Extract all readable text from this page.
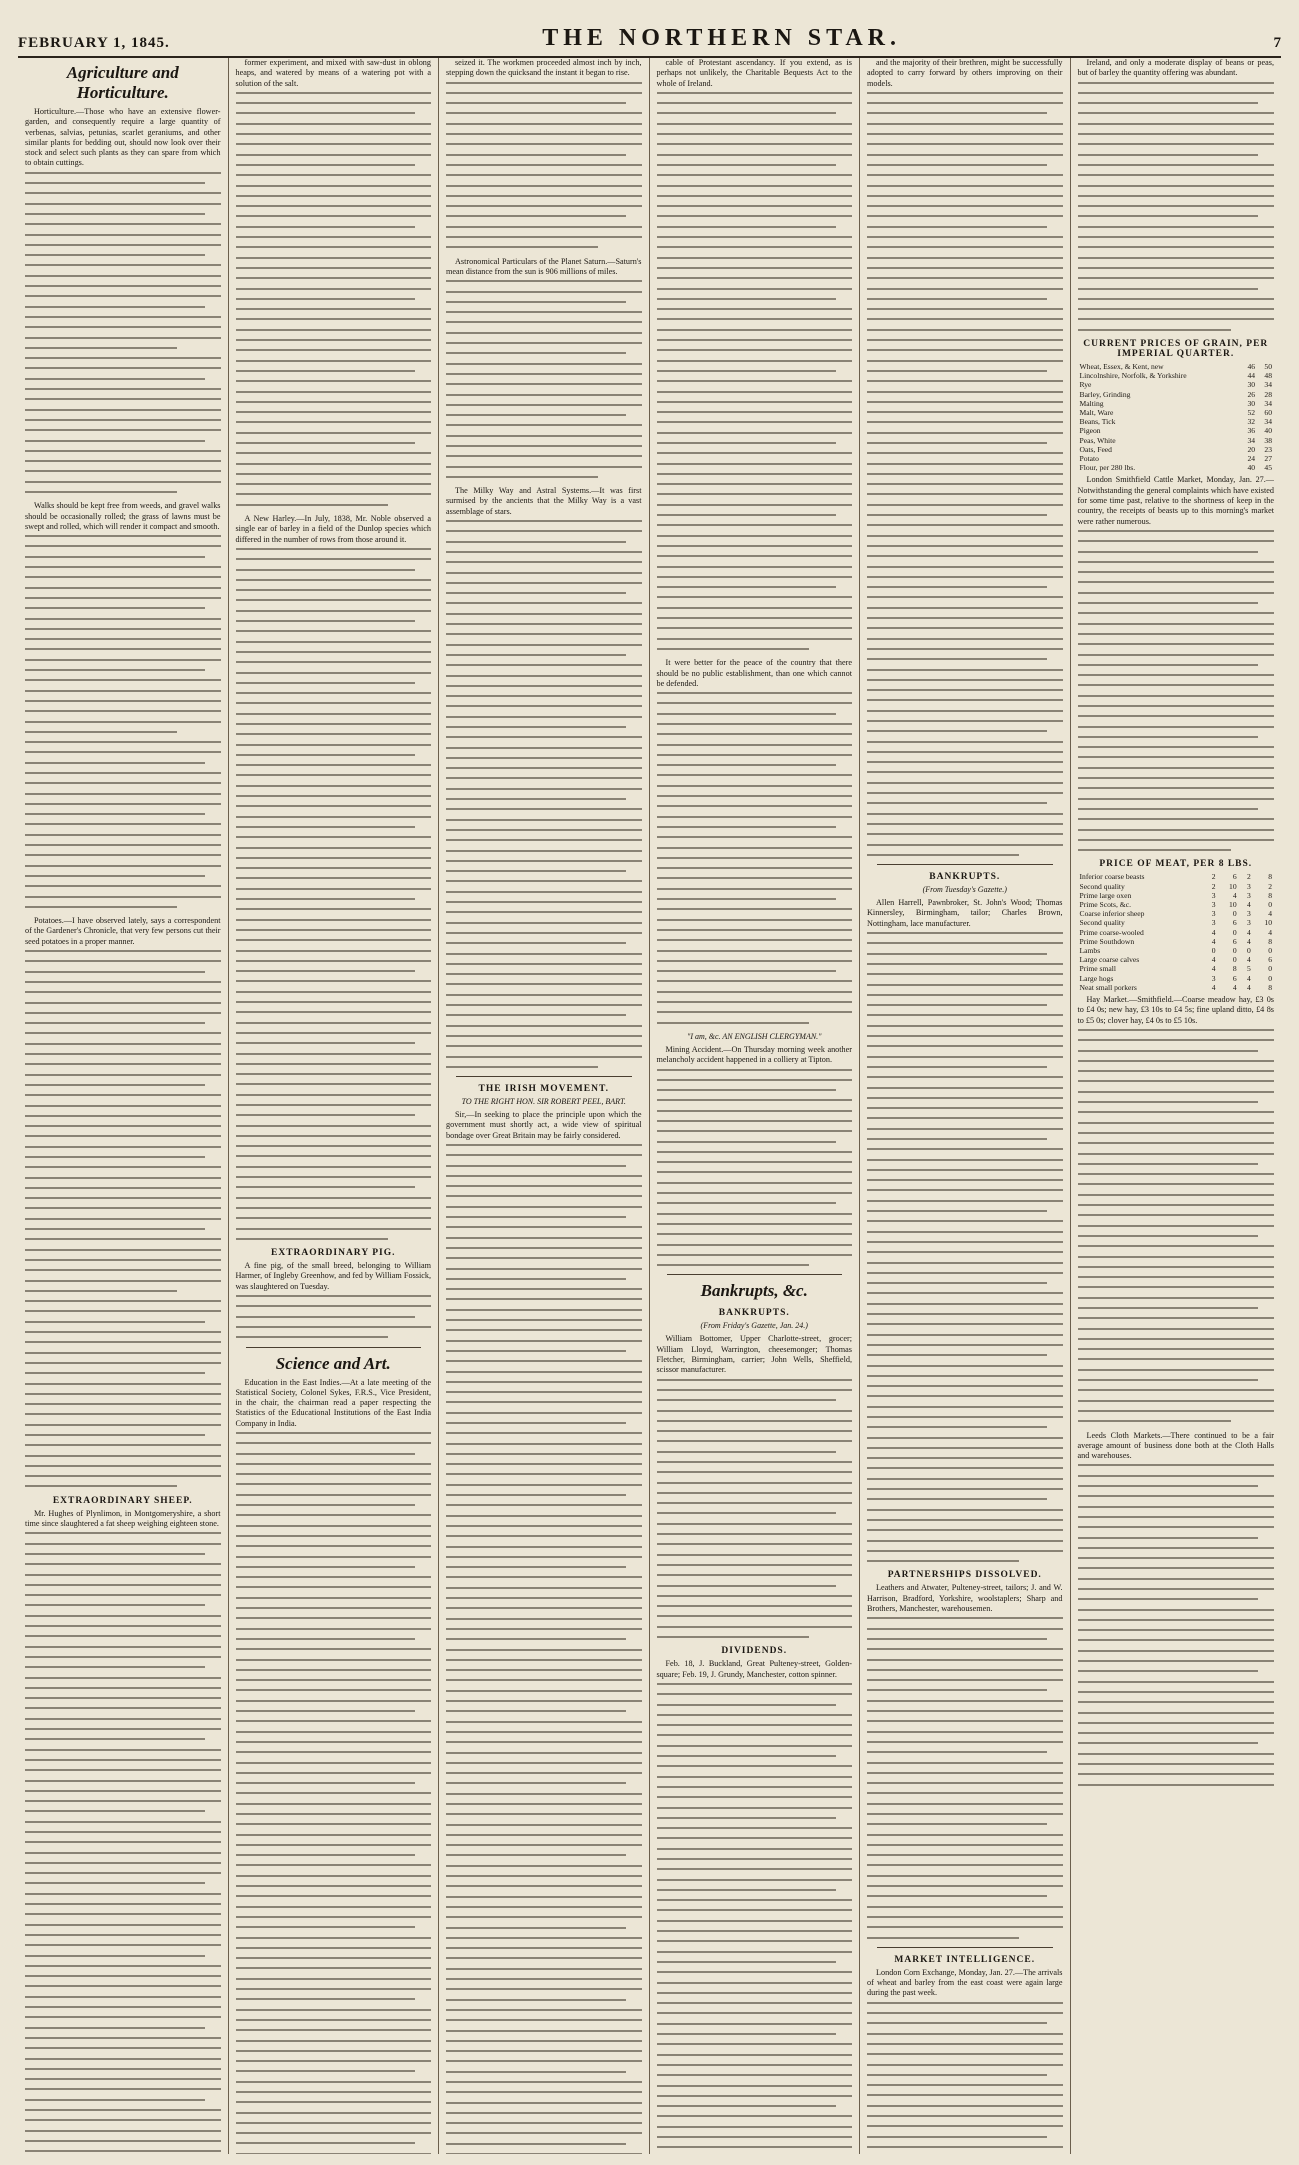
FEBRUARY 1, 1845.	THE NORTHERN STAR.	7
Agriculture and Horticulture.

Horticulture.—Those who have an extensive flower-garden, and consequently require a large quantity of verbenas, salvias, petunias, scarlet geraniums, and other similar plants for bedding out, should now look over their stock and select such plants as they can spare from which to obtain cuttings.

Walks should be kept free from weeds, and gravel walks should be occasionally rolled; the grass of lawns must be swept and rolled, which will render it compact and smooth.

Potatoes.—I have observed lately, says a correspondent of the Gardener's Chronicle, that very few persons cut their seed potatoes in a proper manner.

EXTRAORDINARY SHEEP.

Mr. Hughes of Plynlimon, in Montgomeryshire, a short time since slaughtered a fat sheep weighing eighteen stone.

former experiment, and mixed with saw-dust in oblong heaps, and watered by means of a watering pot with a solution of the salt.

A New Harley.—In July, 1838, Mr. Noble observed a single ear of barley in a field of the Dunlop species which differed in the number of rows from those around it.

EXTRAORDINARY PIG.

A fine pig, of the small breed, belonging to William Harmer, of Ingleby Greenhow, and fed by William Fossick, was slaughtered on Tuesday.

Science and Art.

Education in the East Indies.—At a late meeting of the Statistical Society, Colonel Sykes, F.R.S., Vice President, in the chair, the chairman read a paper respecting the Statistics of the Educational Institutions of the East India Company in India.

seized it. The workmen proceeded almost inch by inch, stepping down the quicksand the instant it began to rise.

Astronomical Particulars of the Planet Saturn.—Saturn's mean distance from the sun is 906 millions of miles.

The Milky Way and Astral Systems.—It was first surmised by the ancients that the Milky Way is a vast assemblage of stars.

THE IRISH MOVEMENT.
TO THE RIGHT HON. SIR ROBERT PEEL, BART.

Sir,—In seeking to place the principle upon which the government must shortly act, a wide view of spiritual bondage over Great Britain may be fairly considered.

cable of Protestant ascendancy. If you extend, as is perhaps not unlikely, the Charitable Bequests Act to the whole of Ireland.

It were better for the peace of the country that there should be no public establishment, than one which cannot be defended.

"I am, &c. AN ENGLISH CLERGYMAN."

Mining Accident.—On Thursday morning week another melancholy accident happened in a colliery at Tipton.

Bankrupts, &c.
BANKRUPTS.
(From Friday's Gazette, Jan. 24.)

William Bottomer, Upper Charlotte-street, grocer; William Lloyd, Warrington, cheesemonger; Thomas Fletcher, Birmingham, carrier; John Wells, Sheffield, scissor manufacturer.

DIVIDENDS.

Feb. 18, J. Buckland, Great Pulteney-street, Golden-square; Feb. 19, J. Grundy, Manchester, cotton spinner.

and the majority of their brethren, might be successfully adopted to carry forward by others improving on their models.

BANKRUPTS.
(From Tuesday's Gazette.)

Allen Harrell, Pawnbroker, St. John's Wood; Thomas Kinnersley, Birmingham, tailor; Charles Brown, Nottingham, lace manufacturer.

PARTNERSHIPS DISSOLVED.

Leathers and Atwater, Pulteney-street, tailors; J. and W. Harrison, Bradford, Yorkshire, woolstaplers; Sharp and Brothers, Manchester, warehousemen.

MARKET INTELLIGENCE.

London Corn Exchange, Monday, Jan. 27.—The arrivals of wheat and barley from the east coast were again large during the past week.

Ireland, and only a moderate display of beans or peas, but of barley the quantity offering was abundant.

CURRENT PRICES OF GRAIN, PER IMPERIAL QUARTER.
Wheat, Essex, & Kent, new	46	50
Lincolnshire, Norfolk, & Yorkshire	44	48
Rye	30	34
Barley, Grinding	26	28
Malting	30	34
Malt, Ware	52	60
Beans, Tick	32	34
Pigeon	36	40
Peas, White	34	38
Oats, Feed	20	23
Potato	24	27
Flour, per 280 lbs.	40	45

London Smithfield Cattle Market, Monday, Jan. 27.—Notwithstanding the general complaints which have existed for some time past, relative to the shortness of keep in the country, the receipts of beasts up to this morning's market were rather numerous.

PRICE OF MEAT, PER 8 LBS.
Inferior coarse beasts	2	6	2	8
Second quality	2	10	3	2
Prime large oxen	3	4	3	8
Prime Scots, &c.	3	10	4	0
Coarse inferior sheep	3	0	3	4
Second quality	3	6	3	10
Prime coarse-wooled	4	0	4	4
Prime Southdown	4	6	4	8
Lambs	0	0	0	0
Large coarse calves	4	0	4	6
Prime small	4	8	5	0
Large hogs	3	6	4	0
Neat small porkers	4	4	4	8

Hay Market.—Smithfield.—Coarse meadow hay, £3 0s to £4 0s; new hay, £3 10s to £4 5s; fine upland ditto, £4 8s to £5 0s; clover hay, £4 0s to £5 10s.

Leeds Cloth Markets.—There continued to be a fair average amount of business done both at the Cloth Halls and warehouses.
